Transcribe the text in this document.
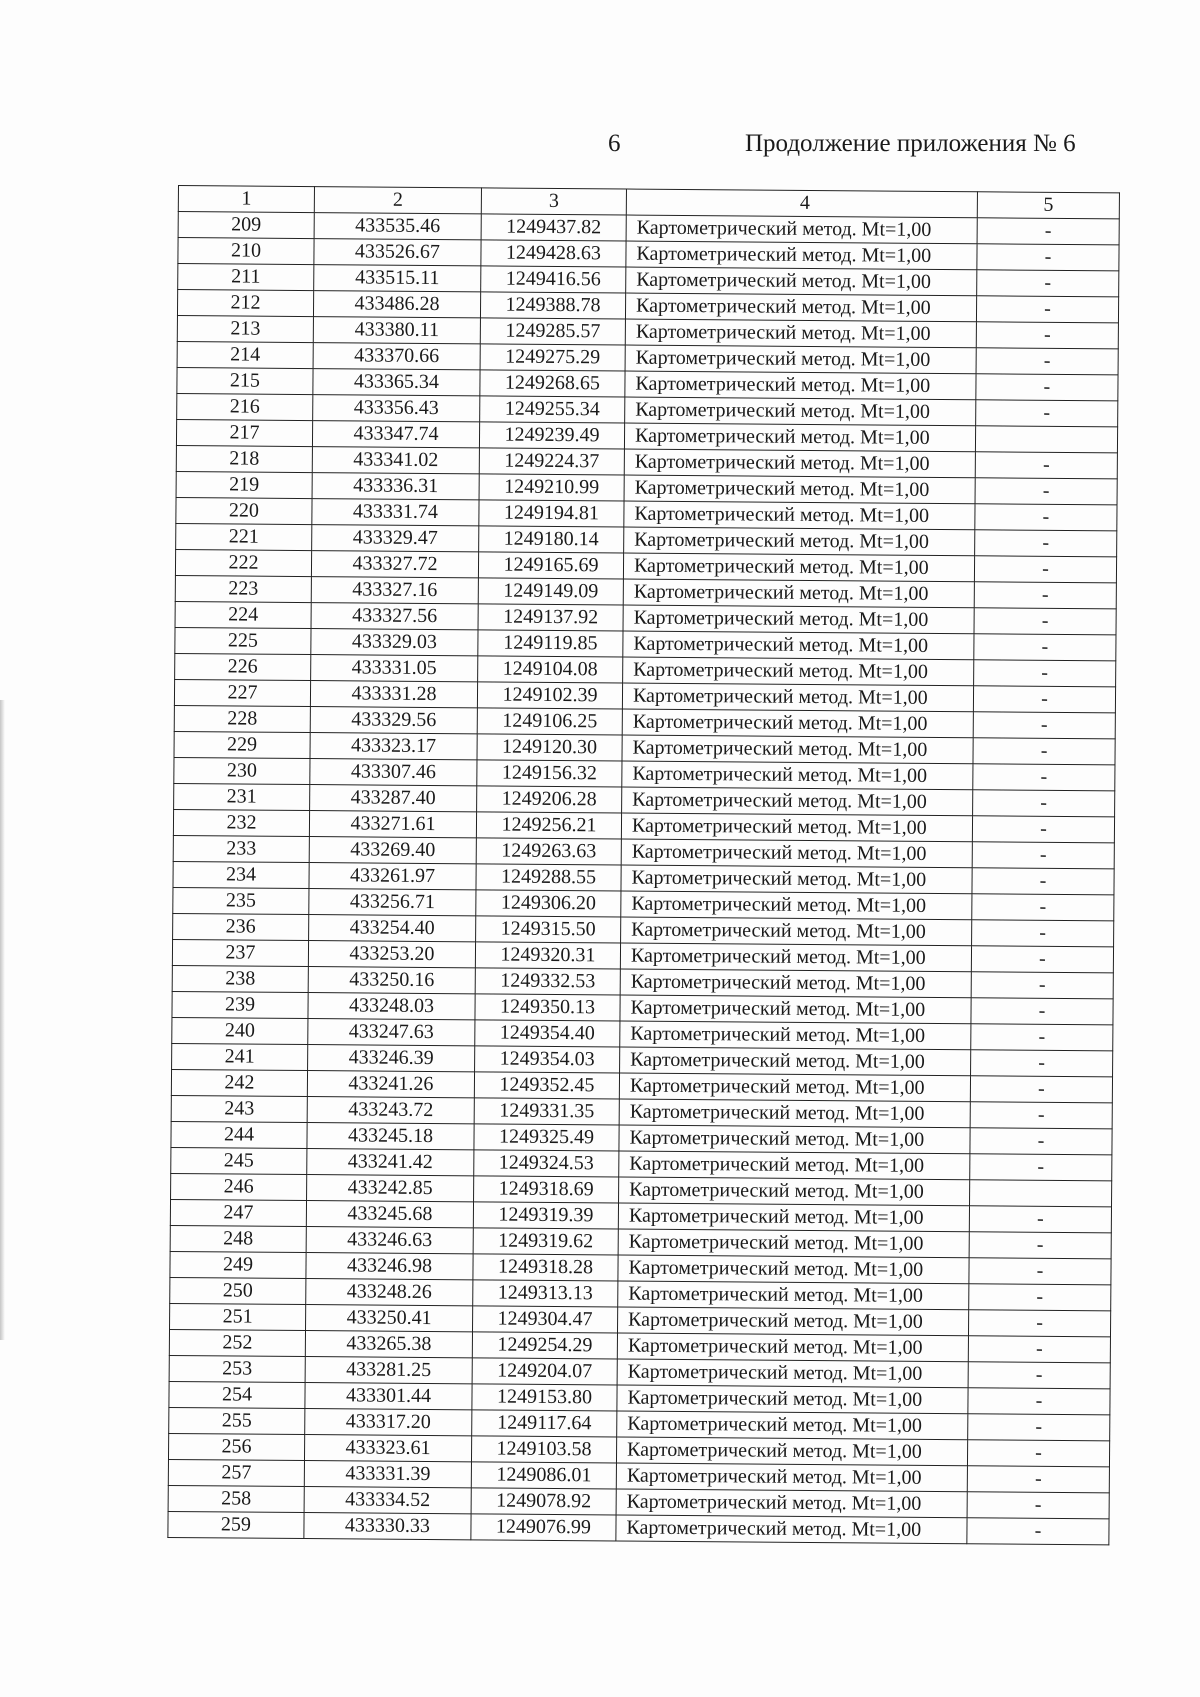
6	Продолжение приложения № 6
1	2	3	4	5
209	433535.46	1249437.82	Картометрический метод. Mt=1,00	-
210	433526.67	1249428.63	Картометрический метод. Mt=1,00	-
211	433515.11	1249416.56	Картометрический метод. Mt=1,00	-
212	433486.28	1249388.78	Картометрический метод. Mt=1,00	-
213	433380.11	1249285.57	Картометрический метод. Mt=1,00	-
214	433370.66	1249275.29	Картометрический метод. Mt=1,00	-
215	433365.34	1249268.65	Картометрический метод. Mt=1,00	-
216	433356.43	1249255.34	Картометрический метод. Mt=1,00	-
217	433347.74	1249239.49	Картометрический метод. Mt=1,00	
218	433341.02	1249224.37	Картометрический метод. Mt=1,00	-
219	433336.31	1249210.99	Картометрический метод. Mt=1,00	-
220	433331.74	1249194.81	Картометрический метод. Mt=1,00	-
221	433329.47	1249180.14	Картометрический метод. Mt=1,00	-
222	433327.72	1249165.69	Картометрический метод. Mt=1,00	-
223	433327.16	1249149.09	Картометрический метод. Mt=1,00	-
224	433327.56	1249137.92	Картометрический метод. Mt=1,00	-
225	433329.03	1249119.85	Картометрический метод. Mt=1,00	-
226	433331.05	1249104.08	Картометрический метод. Mt=1,00	-
227	433331.28	1249102.39	Картометрический метод. Mt=1,00	-
228	433329.56	1249106.25	Картометрический метод. Mt=1,00	-
229	433323.17	1249120.30	Картометрический метод. Mt=1,00	-
230	433307.46	1249156.32	Картометрический метод. Mt=1,00	-
231	433287.40	1249206.28	Картометрический метод. Mt=1,00	-
232	433271.61	1249256.21	Картометрический метод. Mt=1,00	-
233	433269.40	1249263.63	Картометрический метод. Mt=1,00	-
234	433261.97	1249288.55	Картометрический метод. Mt=1,00	-
235	433256.71	1249306.20	Картометрический метод. Mt=1,00	-
236	433254.40	1249315.50	Картометрический метод. Mt=1,00	-
237	433253.20	1249320.31	Картометрический метод. Mt=1,00	-
238	433250.16	1249332.53	Картометрический метод. Mt=1,00	-
239	433248.03	1249350.13	Картометрический метод. Mt=1,00	-
240	433247.63	1249354.40	Картометрический метод. Mt=1,00	-
241	433246.39	1249354.03	Картометрический метод. Mt=1,00	-
242	433241.26	1249352.45	Картометрический метод. Mt=1,00	-
243	433243.72	1249331.35	Картометрический метод. Mt=1,00	-
244	433245.18	1249325.49	Картометрический метод. Mt=1,00	-
245	433241.42	1249324.53	Картометрический метод. Mt=1,00	-
246	433242.85	1249318.69	Картометрический метод. Mt=1,00	
247	433245.68	1249319.39	Картометрический метод. Mt=1,00	-
248	433246.63	1249319.62	Картометрический метод. Mt=1,00	-
249	433246.98	1249318.28	Картометрический метод. Mt=1,00	-
250	433248.26	1249313.13	Картометрический метод. Mt=1,00	-
251	433250.41	1249304.47	Картометрический метод. Mt=1,00	-
252	433265.38	1249254.29	Картометрический метод. Mt=1,00	-
253	433281.25	1249204.07	Картометрический метод. Mt=1,00	-
254	433301.44	1249153.80	Картометрический метод. Mt=1,00	-
255	433317.20	1249117.64	Картометрический метод. Mt=1,00	-
256	433323.61	1249103.58	Картометрический метод. Mt=1,00	-
257	433331.39	1249086.01	Картометрический метод. Mt=1,00	-
258	433334.52	1249078.92	Картометрический метод. Mt=1,00	-
259	433330.33	1249076.99	Картометрический метод. Mt=1,00	-
